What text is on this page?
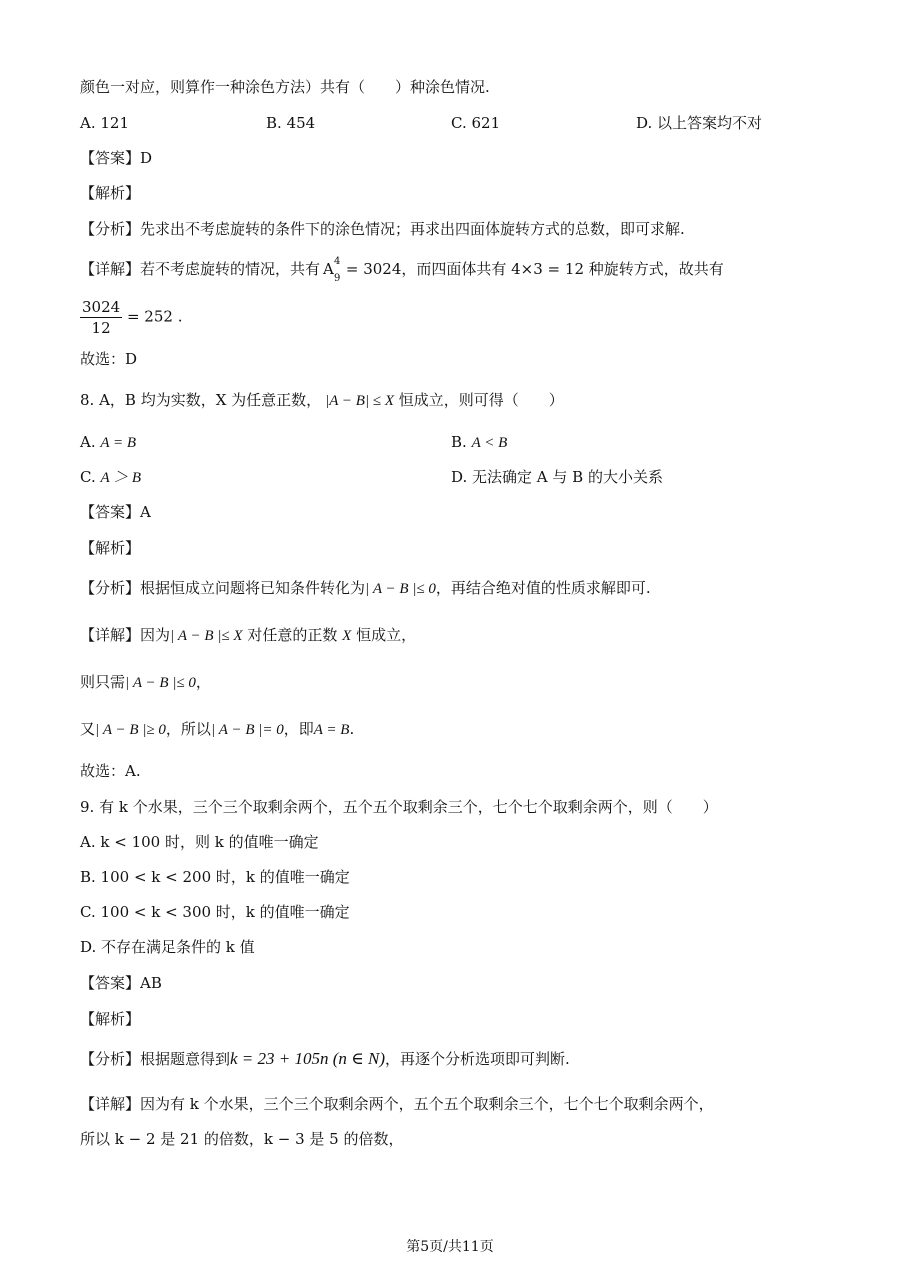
颜色一对应，则算作一种涂色方法）共有（　　）种涂色情况.
A. 121	B. 454	C. 621	D. 以上答案均不对
【答案】D
【解析】
【分析】先求出不考虑旋转的条件下的涂色情况；再求出四面体旋转方式的总数，即可求解.
【详解】若不考虑旋转的情况，共有 A 4
9
= 3024，而四面体共有 4×3 = 12 种旋转方式，故共有
$\frac{3024}{12} = 252$ .
故选：D
8. A，B 均为实数，X 为任意正数， |A − B| ≤ X 恒成立，则可得（　　）
A. A = B	B. A < B
C. A ＞ B	D. 无法确定 A 与 B 的大小关系
【答案】A
【解析】
【分析】根据恒成立问题将已知条件转化为| A − B |≤ 0，再结合绝对值的性质求解即可.
【详解】因为| A − B |≤ X 对任意的正数 X 恒成立，
则只需| A − B |≤ 0，
又| A − B |≥ 0，所以| A − B |= 0，即A = B.
故选：A.
9. 有 k 个水果，三个三个取剩余两个，五个五个取剩余三个，七个七个取剩余两个，则（　　）
A. k < 100 时，则 k 的值唯一确定
B. 100 < k < 200 时，k 的值唯一确定
C. 100 < k < 300 时，k 的值唯一确定
D. 不存在满足条件的 k 值
【答案】AB
【解析】
【分析】根据题意得到k = 23 + 105n (n ∈ N)，再逐个分析选项即可判断.
【详解】因为有 k 个水果，三个三个取剩余两个，五个五个取剩余三个，七个七个取剩余两个，
所以 k − 2 是 21 的倍数，k − 3 是 5 的倍数，
第5页/共11页
